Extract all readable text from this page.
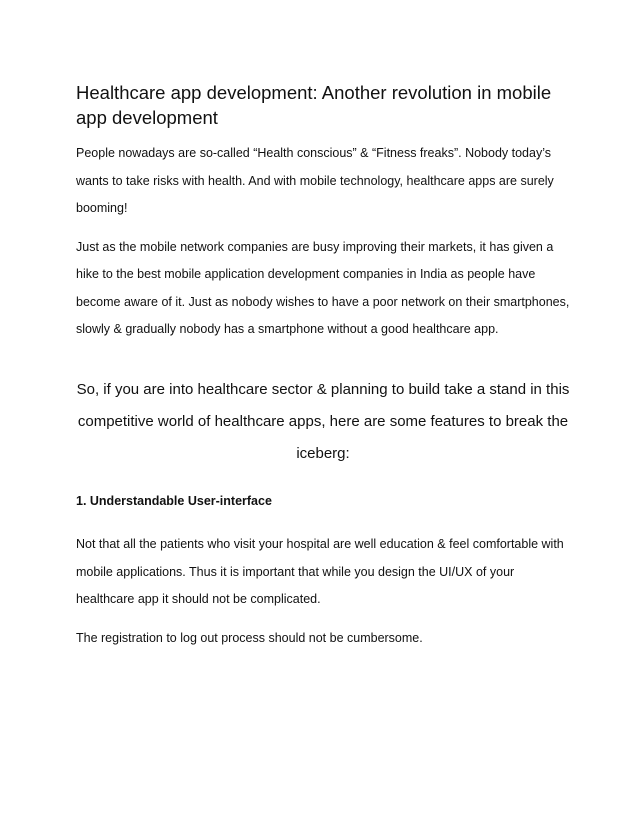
Healthcare app development: Another revolution in mobile app development

People nowadays are so-called “Health conscious” & “Fitness freaks”. Nobody today’s wants to take risks with health. And with mobile technology, healthcare apps are surely booming!

Just as the mobile network companies are busy improving their markets, it has given a hike to the best mobile application development companies in India as people have become aware of it. Just as nobody wishes to have a poor network on their smartphones, slowly & gradually nobody has a smartphone without a good healthcare app.

So, if you are into healthcare sector & planning to build take a stand in this competitive world of healthcare apps, here are some features to break the iceberg:

1. Understandable User-interface

Not that all the patients who visit your hospital are well education & feel comfortable with mobile applications. Thus it is important that while you design the UI/UX of your healthcare app it should not be complicated.

The registration to log out process should not be cumbersome.
